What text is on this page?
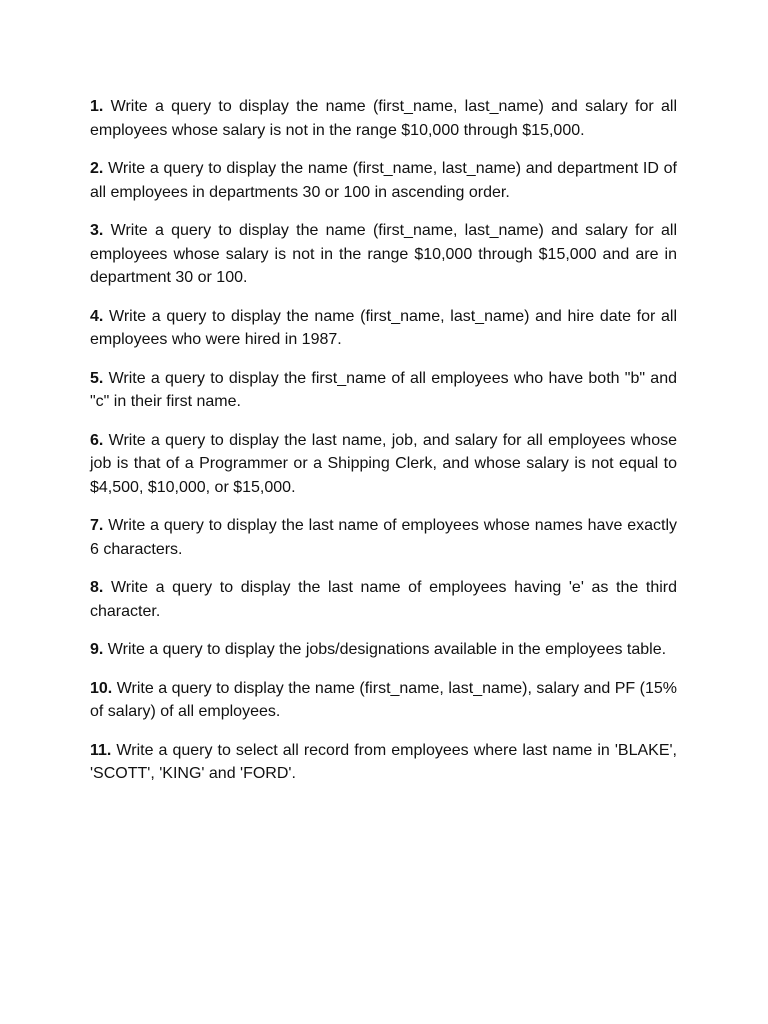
1. Write a query to display the name (first_name, last_name) and salary for all employees whose salary is not in the range $10,000 through $15,000.
2. Write a query to display the name (first_name, last_name) and department ID of all employees in departments 30 or 100 in ascending order.
3. Write a query to display the name (first_name, last_name) and salary for all employees whose salary is not in the range $10,000 through $15,000 and are in department 30 or 100.
4. Write a query to display the name (first_name, last_name) and hire date for all employees who were hired in 1987.
5. Write a query to display the first_name of all employees who have both "b" and "c" in their first name.
6. Write a query to display the last name, job, and salary for all employees whose job is that of a Programmer or a Shipping Clerk, and whose salary is not equal to $4,500, $10,000, or $15,000.
7. Write a query to display the last name of employees whose names have exactly 6 characters.
8. Write a query to display the last name of employees having 'e' as the third character.
9. Write a query to display the jobs/designations available in the employees table.
10. Write a query to display the name (first_name, last_name), salary and PF (15% of salary) of all employees.
11. Write a query to select all record from employees where last name in 'BLAKE', 'SCOTT', 'KING' and 'FORD'.
